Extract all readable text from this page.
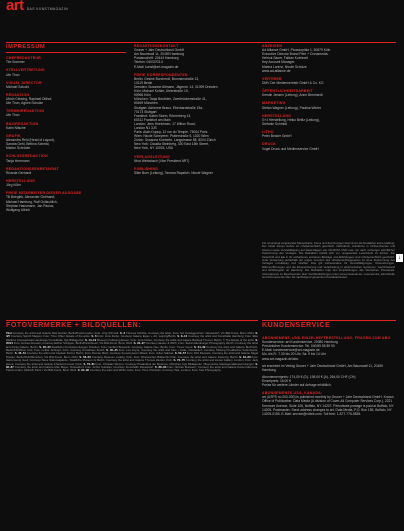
art DAS KUNSTMAGAZIN
IMPRESSUM
CHEFREDAKTEUR
Tim Sommer
STELLVERTRETUNG
Ute Thon
VISUAL DIRECTOR
Michael Sztuchl
REDAKTION
Ulrich Clewing, Raphael Dillhof,
Ute Thon, Agnes Schulze
TERMINREDAKTION
Ute Thon
BILDREDAKTION
Karin Nitsche
GRAFIK
Alexandra Reid (Head of Layout),
Sandra Gehl, Bettina Schmid,
Marion Schröder
SCHLUSSREDAKTION
Tanja Herrmann
REDAKTIONSSEKRETARIAT
Ricarda Gerhardt
HERSTELLUNG
Jörg Kühn
FREIE MITARBEITER DIESER AUSGABE
Till Briegleb, Alexander Gebhardt,
Michael Hamburg, Ralf Gottschlich,
Stephan Hausmann, Jan Paulus,
Wolfgang Ullrich
REDAKTIONSKONTAKT
Gruner + Jahr Deutschland GmbH
Am Baumwall 11, 20459 Hamburg
Postanschrift: 20444 Hamburg
Telefon: 040/3703-0
E-Mail: kunst@art-magazin.de
FREIE KORRESPONDENTEN
Berlin: Gesine Borcherdt, Brunnenstraße 13,
10119 Berlin
Dresden: Susanne Altmann, Jägerstr. 14, 01099 Dresden
Köln: Michael Kohler, Ubierstraße 19,
50968 Köln
München: Tanja Beuthien, Zweibrückenstraße 41,
80469 München
Stuttgart: Adrienne Braun, Eberhardstraße 15a,
70173 Stuttgart
Frankfurt: Katrin Sturm, Römerberg 14,
60311 Frankfurt am Main
London: Jens Hinrichsen, 17 Wilton Road,
London N1 3JS
Paris: Alain Dupuy, 12 rue du Temple, 75004 Paris
Wien: Nicole Scheyerer, Praterstraße 6, 1020 Wien
Zürich: Susanna Koeberle, Langstrasse 88, 8004 Zürich
New York: Claudia Steinberg, 330 East 15th Street,
New York, NY 10003, USA
VERLAGSLEITUNG
Nina Weissbach (Vice President ART)
PUBLISHING
Silke Buer (Leitung), Tamara Rapsitch, Nicole Wagner
ANZEIGEN
Ad Alliance GmbH, Picassoplatz 1, 50679 Köln
Executive Director Brand Print + Crossmedia:
Helmut Sauer, Fabian Kuehnelt
Key Account Manager:
Marina Lorenz, Nicole Schulze
www.ad-alliance.de
VERTRIEB
DMV Der Medienvertrieb GmbH & Co. KG
ÖFFENTLICHKEITSARBEIT
Kerstin Jensen (Leitung), Anne Bernhardt
MARKETING
Stefan Wagner (Leitung), Paulina Winter
HERSTELLUNG
G+J Herstellung, Heiko Belitz (Leitung),
Stefanie Schmidt
LITHO
Peter Becker GmbH
DRUCK
Vogel Druck und Medienservice GmbH
Für unverlangt eingesandte Manuskripte, Fotos und Zeichnungen übernimmt die Redaktion keine Haftung. Der Inhalt dieses Heftes ist urheberrechtlich geschützt. Nachdruck, Aufnahme in Online-Dienste und Internet sowie Vervielfältigung auf Datenträgern wie CD-ROM, DVD usw. nur nach vorheriger schriftlicher Zustimmung des Verlages. Die Redaktion behält sich vor, eingesandte Leserbriefe zu kürzen. Die Zeitschrift und alle in ihr enthaltenen einzelnen Beiträge und Abbildungen sind urheberrechtlich geschützt. Jede Verwertung außerhalb der engen Grenzen des Urheberrechtsgesetzes ist ohne Zustimmung des Verlages unzulässig und strafbar. Das gilt insbesondere für Vervielfältigungen, Übersetzungen, Mikroverfilmungen und die Einspeicherung und Verarbeitung in elektronischen Systemen. Gerichtsstand und Erfüllungsort ist Hamburg. Die Redaktion folgt den Empfehlungen des Deutschen Presserats. Informationen zu Beschwerden über Veröffentlichungen unter www.presserat.de. Leserservice, Einzelhefte und Abonnements über die nachfolgend genannten Kontaktadressen.
↓
FOTOVERMERKE + BILDQUELLEN:
Titel Courtesy the artist and Galerie Max Hetzler, Berlin/Paris/London; Foto: Jörg Schmidt. S. 3 Thomas Schütte, Courtesy the artist; Foto: Nic Tenwiggenhorn, Düsseldorf; VG Bild-Kunst, Bonn 2024. S. 4/5 Courtesy Sprüth Magers; Foto: Timo Ohler; Estate of the artist. S. 6 Foto: Jens Ziehe; Courtesy Galerie Eigen + Art, Leipzig/Berlin. S. 8–13 Courtesy the artist and Kunsthalle Hamburg; Foto: Elke Walford, Fotowerkstatt Hamburger Kunsthalle; bpk Bildagentur. S. 14–19 Museum Folkwang Essen; Foto: Jens Nober; Courtesy the artist and Galerie Barbara Thumm, Berlin; © The Estate of the artist. S. 20/21 Foto: Andrea Rossetti; Courtesy Esther Schipper, Berlin/Paris/Seoul; VG Bild-Kunst, Bonn 2024. S. 22–27 Courtesy Hauser & Wirth; Foto: Stefan Altenburger Photography Zürich; Courtesy the artist and König Galerie, Berlin. S. 28–33 Staatliche Kunstsammlungen Dresden; Foto: Herbert Boswank; Courtesy Galerie Neu, Berlin; Foto: Trevor Good. S. 34–39 Courtesy the artist and Galerie Buchholz, Berlin/Köln/New York; Foto: Lothar Schnepf, Köln; Courtesy Kunsthaus Zürich. S. 40–45 Foto: Lea Gryze; Courtesy the artist and Sies + Höke, Düsseldorf; Courtesy Stiftung Preußischer Kulturbesitz, Berlin. S. 46–51 Courtesy the artist and Capitain Petzel, Berlin; Foto: Roman März; Courtesy Kunstmuseum Basel; Foto: Julian Salinas. S. 52–57 Foto: Dirk Pauwels; Courtesy the artist and Galerie Nagel Draxler, Berlin/Köln/München; VG Bild-Kunst, Bonn 2024. S. 58–63 Courtesy Museum Ludwig, Köln; Foto: Rheinisches Bildarchiv Köln; Courtesy the artist and Galerie Kewenig, Berlin. S. 64–69 Foto: Hans-Georg Gaul; Courtesy Neue Nationalgalerie, Staatliche Museen zu Berlin; Courtesy the artist and Galerie Thomas Zander, Köln. S. 70–75 Courtesy the artist and Lisson Gallery, London; Foto: Jack Hems; Courtesy the artist and Galerie Chantal Crousel, Paris. S. 76–81 Foto: Christian Werner; Courtesy Pinakothek der Moderne, München; bpk Bildagentur / Bayerische Staatsgemäldesammlungen. S. 82–87 Courtesy the artist and Galerie Max Mayer, Düsseldorf; Foto: Achim Kukulies; Courtesy Kunsthalle Düsseldorf. S. 88–93 Foto: Nicolas Brasseur; Courtesy the artist and Galerie Kamel Mennour, Paris/London; ADAGP, Paris / VG Bild-Kunst, Bonn 2024. S. 94–98 Courtesy the artist and White Cube; Foto: Theo Christelis; Courtesy Tate, London; Foto: Tate Photography.
KUNDENSERVICE
ABONNEMENT- UND EINZELHEFTBESTELLUNG: FRAGEN ZUM ABO
Kundenservice: art Kundenservice, 20080 Hamburg
Persönlicher Kundenservice: Tel. 040/55 55 89 90
E-Mail: kundenservice@art-magazin.de
Mo. bis Fr. 7.30 bis 20 Uhr, Sa. 9 bis 14 Uhr
www.art-magazin.de/abo
art erscheint im Verlag Gruner + Jahr Deutschland GmbH, Am Baumwall 11, 20459 Hamburg.
Abonnementpreis: 174,00 € (D), 198,00 € (A), 264,00 CHF (CH)
Einzelpreis: 15,00 €
Preise für weitere Länder auf Anfrage erhältlich.
ABONNEMENTS USA, KANADA:
art (USPS no 000-000) is published monthly by Gruner + Jahr Deutschland GmbH. Known Office of Publication: Data Media (A division of Cover-All Computer Services Corp.), 2221 Kenmore Avenue, Suite 106, Buffalo, NY 14207. Periodicals postage is paid at Buffalo, NY 14205. Postmaster: Send address changes to art, Data Media, P.O. Box 155, Buffalo, NY 14205-0155. E-Mail: service@roltek.com. Toll free: 1-877-776-5835.
